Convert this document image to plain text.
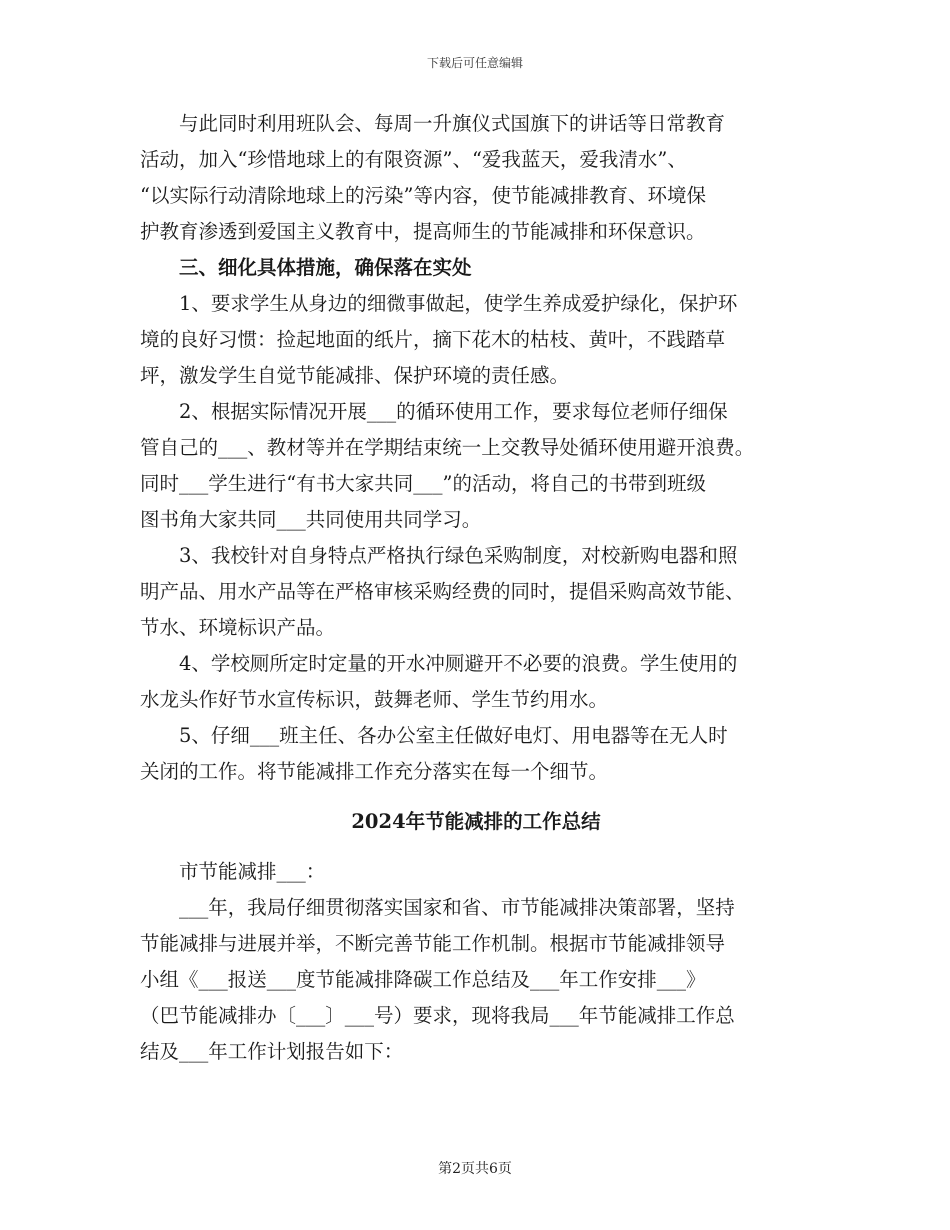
下载后可任意编辑
　　与此同时利用班队会、每周一升旗仪式国旗下的讲话等日常教育
活动，加入“珍惜地球上的有限资源”、“爱我蓝天，爱我清水”、
“以实际行动清除地球上的污染”等内容，使节能减排教育、环境保
护教育渗透到爱国主义教育中，提高师生的节能减排和环保意识。
　　三、细化具体措施，确保落在实处
　　1、要求学生从身边的细微事做起，使学生养成爱护绿化，保护环
境的良好习惯：捡起地面的纸片，摘下花木的枯枝、黄叶，不践踏草
坪，激发学生自觉节能减排、保护环境的责任感。
　　2、根据实际情况开展___的循环使用工作，要求每位老师仔细保
管自己的___、教材等并在学期结束统一上交教导处循环使用避开浪费。
同时___学生进行“有书大家共同___”的活动，将自己的书带到班级
图书角大家共同___共同使用共同学习。
　　3、我校针对自身特点严格执行绿色采购制度，对校新购电器和照
明产品、用水产品等在严格审核采购经费的同时，提倡采购高效节能、
节水、环境标识产品。
　　4、学校厕所定时定量的开水冲厕避开不必要的浪费。学生使用的
水龙头作好节水宣传标识，鼓舞老师、学生节约用水。
　　5、仔细___班主任、各办公室主任做好电灯、用电器等在无人时
关闭的工作。将节能减排工作充分落实在每一个细节。
2024年节能减排的工作总结
　　市节能减排___：
　　___年，我局仔细贯彻落实国家和省、市节能减排决策部署，坚持
节能减排与进展并举，不断完善节能工作机制。根据市节能减排领导
小组《___报送___度节能减排降碳工作总结及___年工作安排___》
（巴节能减排办〔___〕___号）要求，现将我局___年节能减排工作总
结及___年工作计划报告如下：
第2页共6页
